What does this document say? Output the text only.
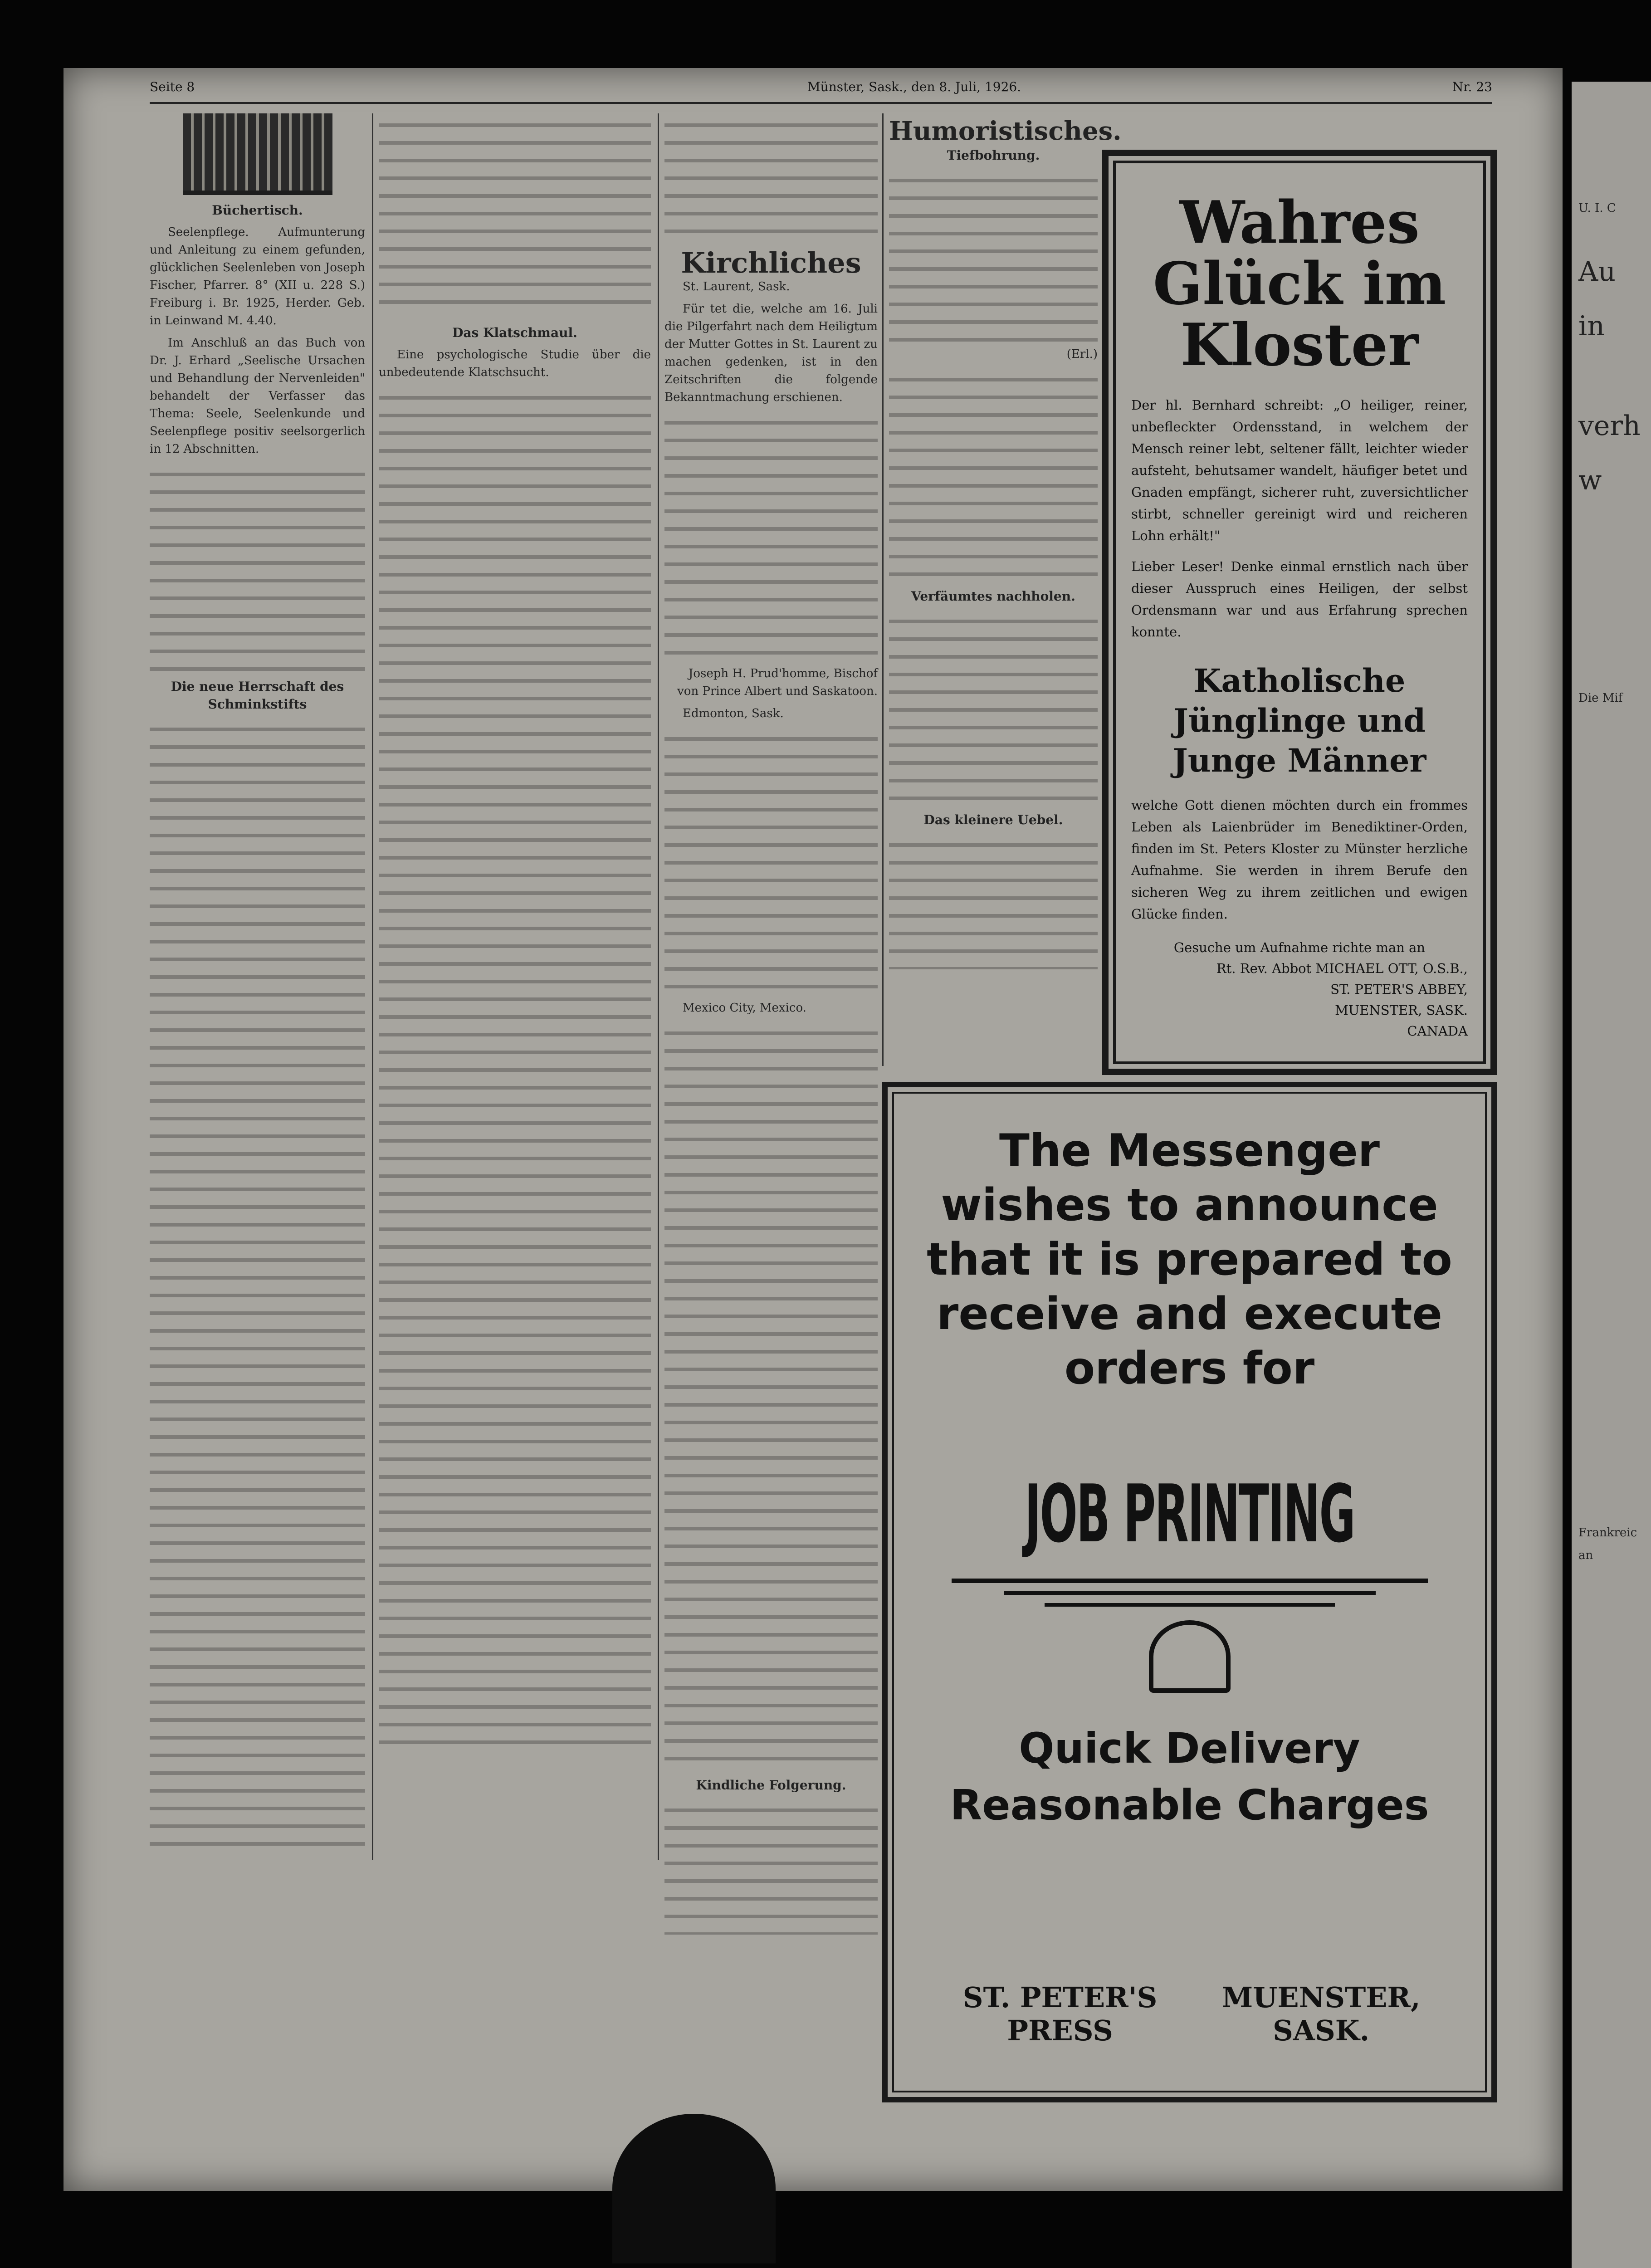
Seite 8	Münster, Sask., den 8. Juli, 1926.	Nr. 23
Büchertisch.

Seelenpflege. Aufmunterung und Anleitung zu einem gefunden, glücklichen Seelenleben von Joseph Fischer, Pfarrer. 8° (XII u. 228 S.) Freiburg i. Br. 1925, Herder. Geb. in Leinwand M. 4.40.

Im Anschluß an das Buch von Dr. J. Erhard „Seelische Ursachen und Behandlung der Nervenleiden" behandelt der Verfasser das Thema: Seele, Seelenkunde und Seelenpflege positiv seelsorgerlich in 12 Abschnitten.

Die neue Herrschaft des Schminkstifts
Das Klatschmaul.

Eine psychologische Studie über die unbedeutende Klatschsucht.

Kirchliches

St. Laurent, Sask.

Für tet die, welche am 16. Juli die Pilgerfahrt nach dem Heiligtum der Mutter Gottes in St. Laurent zu machen gedenken, ist in den Zeitschriften die folgende Bekanntmachung erschienen.

Joseph H. Prud'homme, Bischof von Prince Albert und Saskatoon.

Edmonton, Sask.

Mexico City, Mexico.

Kindliche Folgerung.
Humoristisches.
Tiefbohrung.

(Erl.)

Verfäumtes nachholen.
Das kleinere Uebel.
Wahres Glück im Kloster

Der hl. Bernhard schreibt: „O heiliger, reiner, unbefleckter Ordensstand, in welchem der Mensch reiner lebt, seltener fällt, leichter wieder aufsteht, behutsamer wandelt, häufiger betet und Gnaden empfängt, sicherer ruht, zuversichtlicher stirbt, schneller gereinigt wird und reicheren Lohn erhält!"

Lieber Leser! Denke einmal ernstlich nach über dieser Ausspruch eines Heiligen, der selbst Ordensmann war und aus Erfahrung sprechen konnte.

Katholische Jünglinge und Junge Männer

welche Gott dienen möchten durch ein frommes Leben als Laienbrüder im Benediktiner-Orden, finden im St. Peters Kloster zu Münster herzliche Aufnahme. Sie werden in ihrem Berufe den sicheren Weg zu ihrem zeitlichen und ewigen Glücke finden.

Gesuche um Aufnahme richte man an
Rt. Rev. Abbot MICHAEL OTT, O.S.B.,
ST. PETER'S ABBEY,
MUENSTER, SASK.
CANADA
The Messenger wishes to announce that it is prepared to receive and execute orders for
JOB PRINTING
Quick Delivery
Reasonable Charges
ST. PETER'S PRESS
MUENSTER, SASK.
U. I. C
Au
in
verh
w
Die Mif
Frankreic
an
